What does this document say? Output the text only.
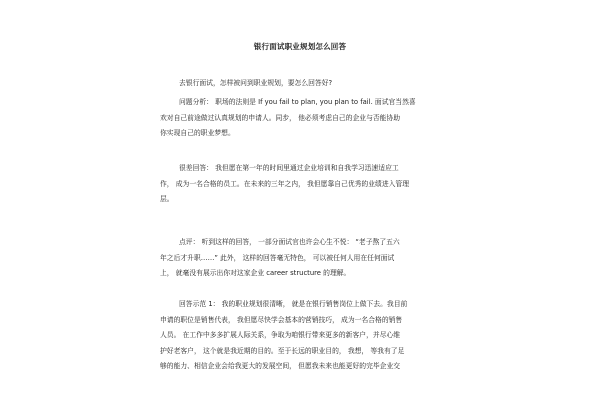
银行面试职业规划怎么回答

去银行面试，怎样被问到职业规划，要怎么回答好?

问题分析： 职场的法则是 If you fail to plan, you plan to fail. 面试官当然喜
欢对自己前途做过认真规划的申请人。同步， 他必须考虑自己的企业与否能协助
你实现自己的职业梦想。

很差回答： 我但愿在第一年的时间里通过企业培训和自我学习迅速适应工
作， 成为一名合格的员工。在未来的三年之内， 我但愿靠自己优秀的业绩进入管理
层。

点评： 听到这样的回答， 一部分面试官也许会心生不悦： “老子熬了五六
年之后才升职……” 此外， 这样的回答毫无特色， 可以被任何人用在任何面试
上， 就毫没有展示出你对这家企业 career structure 的理解。

回答示范 1： 我的职业规划很清晰， 就是在银行销售岗位上做下去。我目前
申请的职位是销售代表， 我但愿尽快学会基本的营销技巧， 成为一名合格的销售
人员。 在工作中多多扩展人际关系，争取为咱银行带来更多的新客户，并尽心维
护好老客户， 这个就是我近期的目的。至于长远的职业目的， 我想， 等我有了足
够的能力、相信企业会给我更大的发展空间， 但愿我未来也能更好的完毕企业交
